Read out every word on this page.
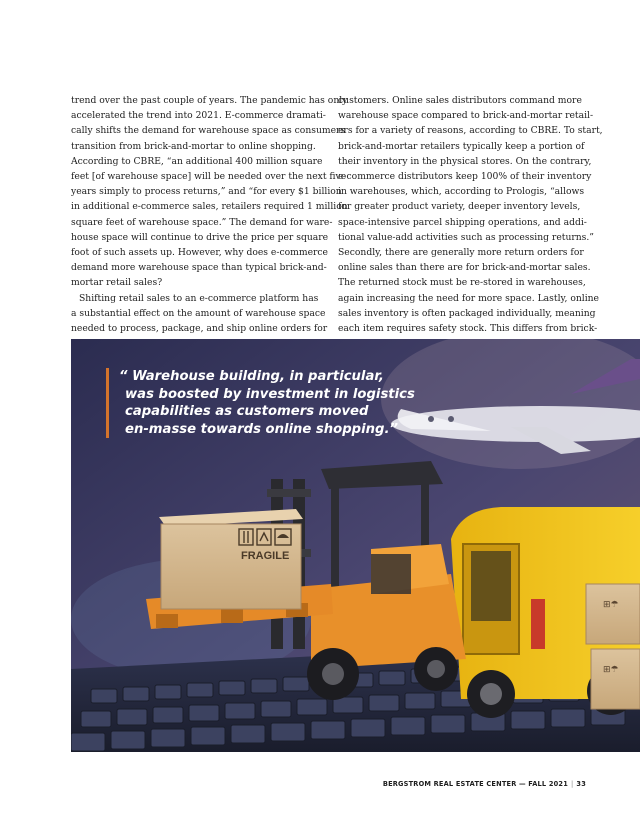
trend over the past couple of years. The pandemic has only
accelerated the trend into 2021. E-commerce dramati-
cally shifts the demand for warehouse space as consumers
transition from brick-and-mortar to online shopping.
According to CBRE, “an additional 400 million square
feet [of warehouse space] will be needed over the next five
years simply to process returns,” and “for every $1 billion
in additional e-commerce sales, retailers required 1 million
square feet of warehouse space.” The demand for ware-
house space will continue to drive the price per square
foot of such assets up. However, why does e-commerce
demand more warehouse space than typical brick-and-
mortar retail sales?

Shifting retail sales to an e-commerce platform has
a substantial effect on the amount of warehouse space
needed to process, package, and ship online orders for

customers. Online sales distributors command more
warehouse space compared to brick-and-mortar retail-
ers for a variety of reasons, according to CBRE. To start,
brick-and-mortar retailers typically keep a portion of
their inventory in the physical stores. On the contrary,
e-commerce distributors keep 100% of their inventory
in warehouses, which, according to Prologis, “allows
for greater product variety, deeper inventory levels,
space-intensive parcel shipping operations, and addi-
tional value-add activities such as processing returns.”
Secondly, there are generally more return orders for
online sales than there are for brick-and-mortar sales.
The returned stock must be re-stored in warehouses,
again increasing the need for more space. Lastly, online
sales inventory is often packaged individually, meaning
each item requires safety stock. This differs from brick-

⊞☂
⊞☂
FRAGILE
“ Warehouse building, in particular,
was boosted by investment in logistics
capabilities as customers moved
en-masse towards online shopping.”
BERGSTROM REAL ESTATE CENTER — FALL 2021 | 33
